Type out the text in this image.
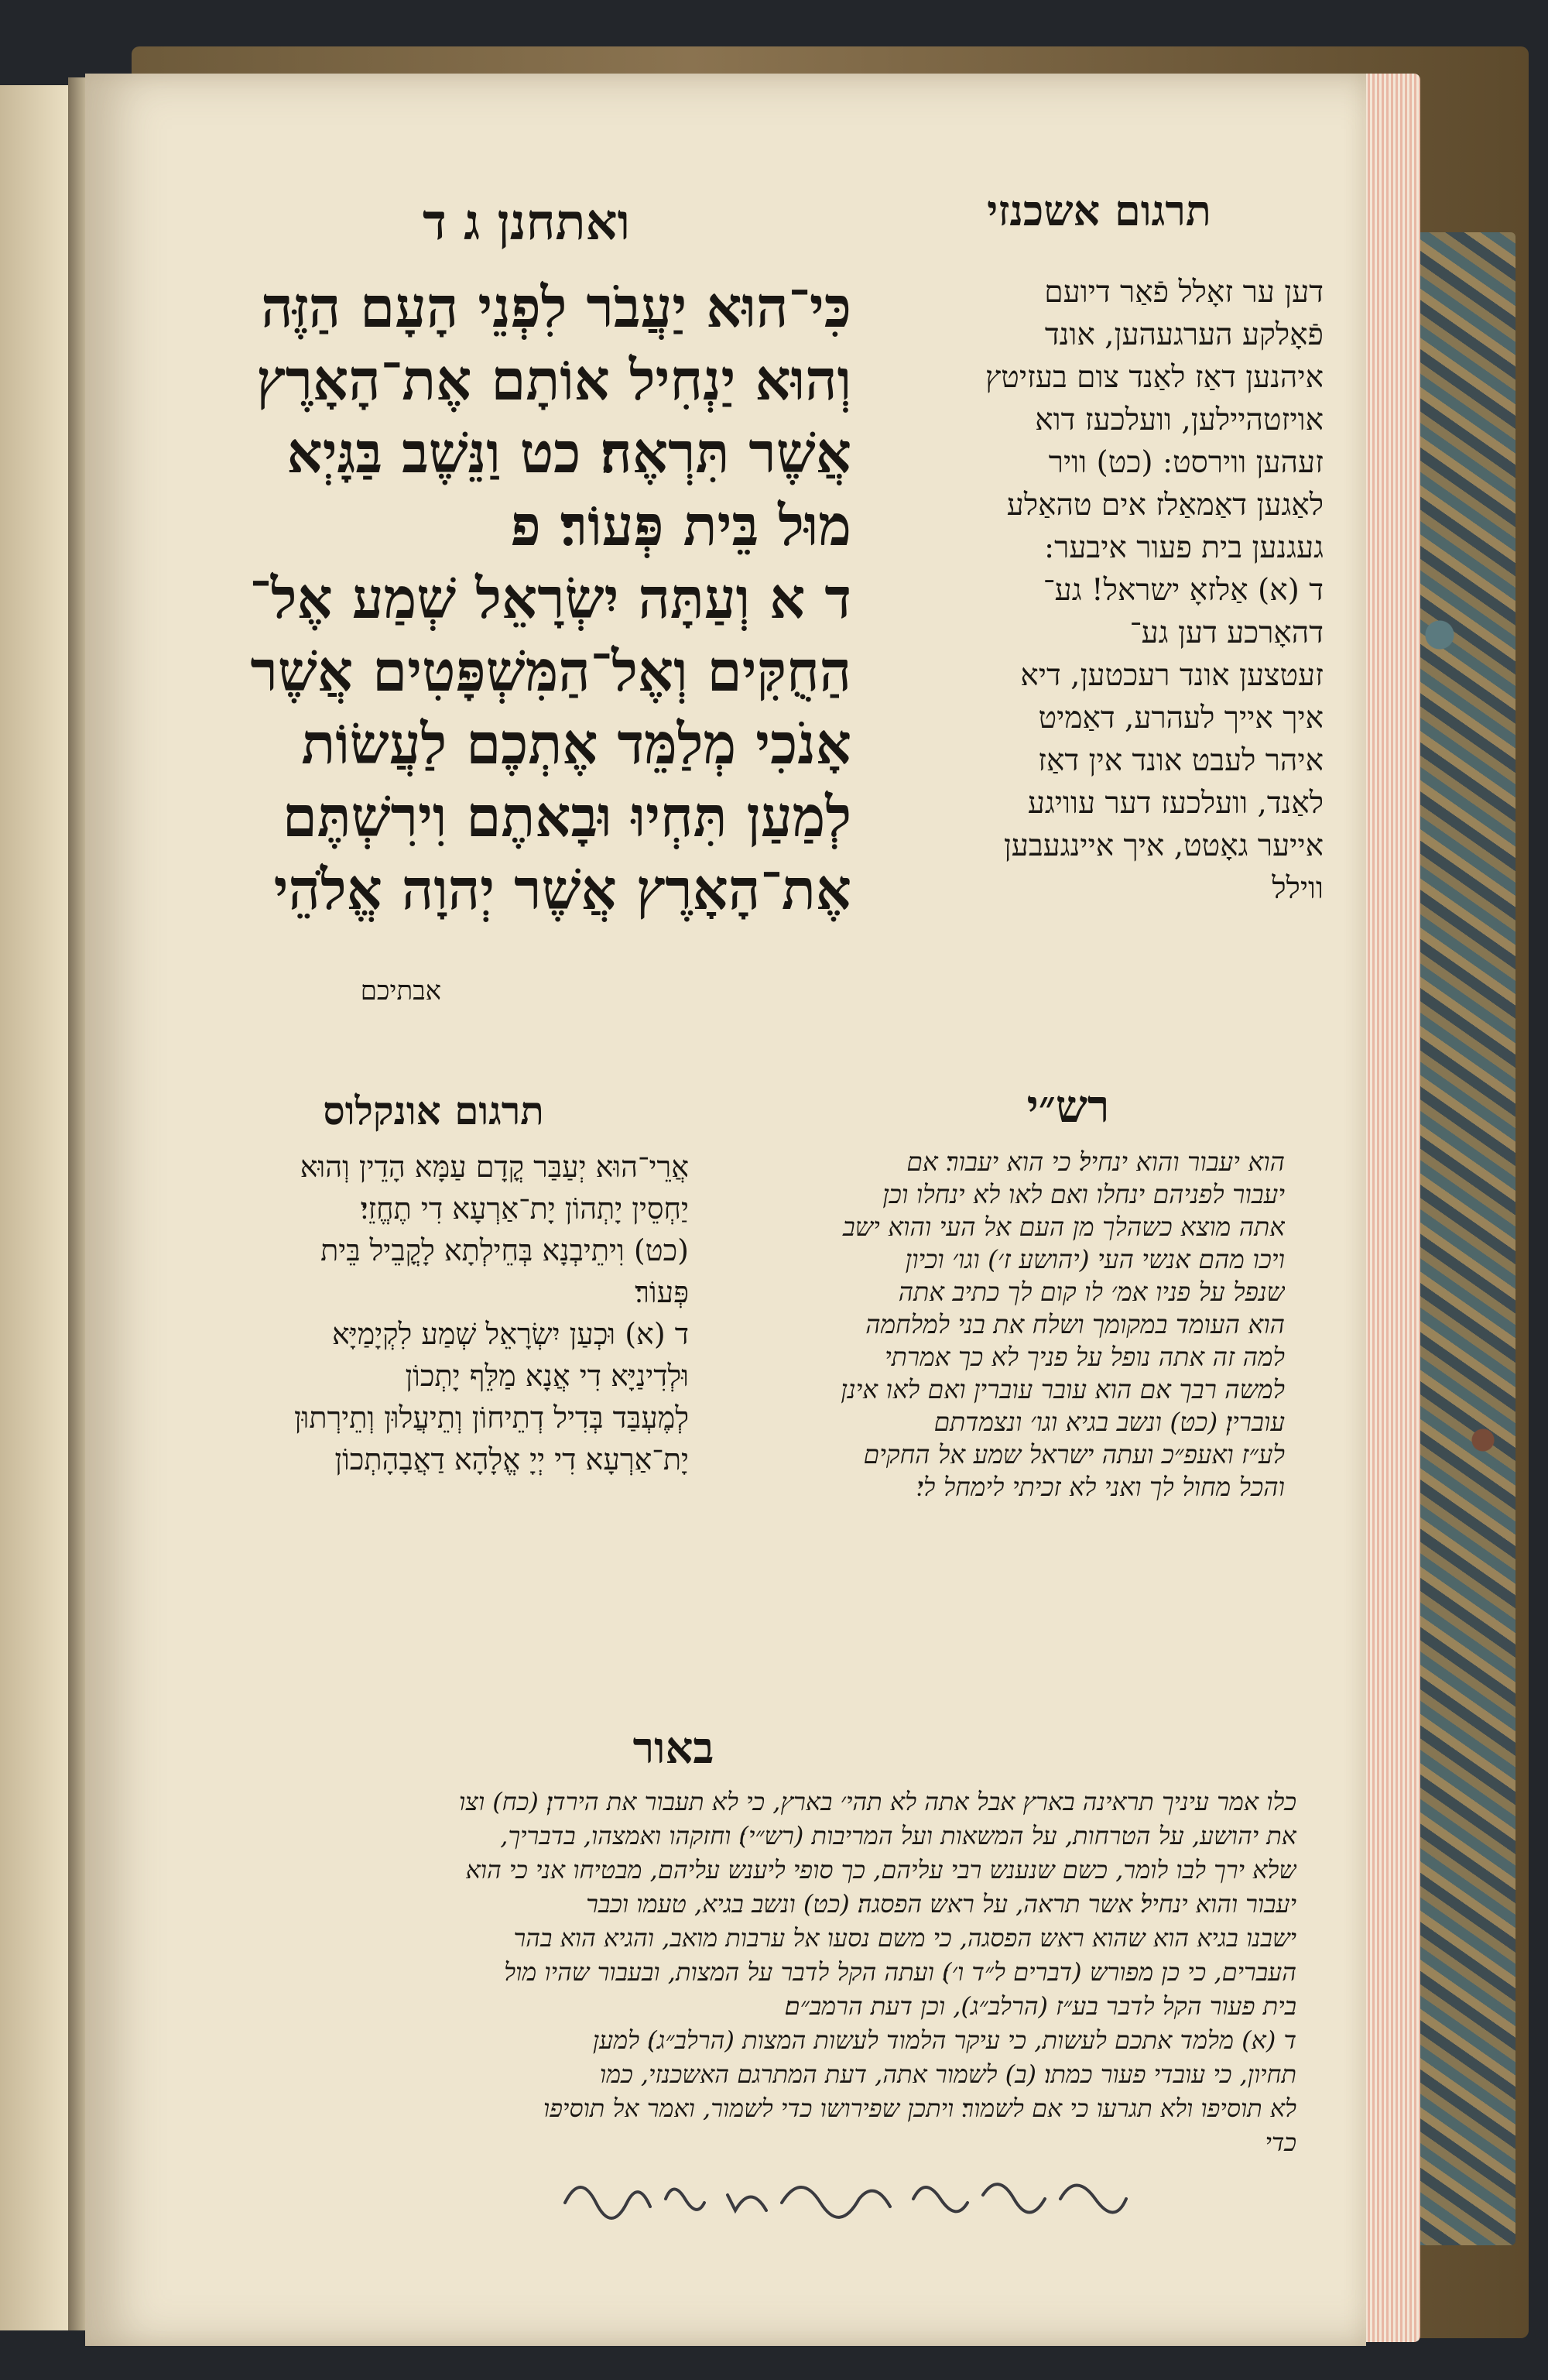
תרגום אשכנזי
ואתחנן ג ד
כִּי־הוּא יַעֲבֹר לִפְנֵי הָעָם הַזֶּה
וְהוּא יַנְחִיל אוֹתָם אֶת־הָאָרֶץ
אֲשֶׁר תִּרְאֶה׃ כט וַנֵּשֶׁב בַּגָּיְא
מוּל בֵּית פְּעוֹר׃ פ
ד א וְעַתָּה יִשְׂרָאֵל שְׁמַע אֶל־
הַחֻקִּים וְאֶל־הַמִּשְׁפָּטִים אֲשֶׁר
אָנֹכִי מְלַמֵּד אֶתְכֶם לַעֲשׂוֹת
לְמַעַן תִּחְיוּ וּבָאתֶם וִירִשְׁתֶּם
אֶת־הָאָרֶץ אֲשֶׁר יְהוָה אֱלֹהֵי
אבתיכם
דען ער זאָלל פֿאַר דיועם
פֿאָלקע הערגעהען, אונד
איהנען דאַז לאַנד צום בעזיטץ
אויזטהיילען, וועלכעז דוא
זעהען ווירסט: (כט) וויר
לאַגען דאַמאַלז אים טהאַלע
געגנען בית פעור איבער:
ד (א) אַלזאָ ישראל! גע־
דהאָרכע דען גע־
זעטצען אונד רעכטען, דיא
איך אייך לעהרע, דאַמיט
איהר לעבט אונד אין דאַז
לאַנד, וועלכעז דער עוויגע
אייער גאָטט, איך איינגעבען
ווילל
תרגום אונקלוס	רש״י
אֲרֵי־הוּא יְעַבַּר קֳדָם עַמָּא הָדֵין וְהוּא
יַחְסֵין יָתְהוֹן יָת־אַרְעָא דִי תֶחֱזֵי׃
(כט) וִיתֵיבְנָא בְּחֵילְתָא לָקֳבֵיל בֵּית
פְּעוֹר׃
ד (א) וּכְעַן יִשְׂרָאֵל שְׁמַע לִקְיָמַיָּא
וּלְדִינַיָּא דִי אֲנָא מַלֵּף יָתְכוֹן
לְמֶעְבַּד בְּדִיל דְתֵיחוֹן וְתֵיעֲלוּן וְתֵירְתוּן
יָת־אַרְעָא דִי יְיָ אֱלָהָא דַאֲבָהָתְכוֹן
הוא יעבור והוא ינחיל׃ כי הוא יעבור׃ אם
יעבור לפניהם ינחלו ואם לאו לא ינחלו וכן
אתה מוצא כשהלך מן העם אל העי והוא ישב
ויכו מהם אנשי העי (יהושע ז׳) וגו׳ וכיון
שנפל על פניו אמ׳ לו קום לך כתיב אתה
הוא העומד במקומך ושלח את בני למלחמה
למה זה אתה נופל על פניך לא כך אמרתי
למשה רבך אם הוא עובר עוברין ואם לאו אינן
עוברין׃ (כט) ונשב בגיא וגו׳ ונצמדתם
לע״ז ואעפ״כ ועתה ישראל שמע אל החקים
והכל מחול לך ואני לא זכיתי לימחל לי׃
באור
כלו אמר עיניך תראינה בארץ אבל אתה לא תהי׳ בארץ, כי לא תעבור את הירדן׃ (כח) וצו
את יהושע, על הטרחות, על המשאות ועל המריבות (רש״י)׃ וחזקהו ואמצהו, בדבריך,
שלא ירך לבו לומר, כשם שנענש רבי עליהם, כך סופי ליענש עליהם, מבטיחו אני כי הוא
יעבור והוא ינחיל׃ אשר תראה, על ראש הפסגה׃ (כט) ונשב בגיא, טעמו וכבר
ישבנו בגיא הוא שהוא ראש הפסגה, כי משם נסעו אל ערבות מואב, והגיא הוא בהר
העברים, כי כן מפורש (דברים ל״ד ו׳)׃ ועתה הקל לדבר על המצות, ובעבור שהיו מול
בית פעור הקל לדבר בע״ז (הרלב״ג), וכן דעת הרמב״ם׃
ד (א) מלמד אתכם לעשות, כי עיקר הלמוד לעשות המצות (הרלב״ג)׃ למען
תחיון, כי עובדי פעור כמתו׃ (ב) לשמור אתה, דעת המתרגם האשכנזי, כמו
לא תוסיפו ולא תגרעו כי אם לשמור׃ ויתכן שפירושו כדי לשמור, ואמר אל תוסיפו
כדי
